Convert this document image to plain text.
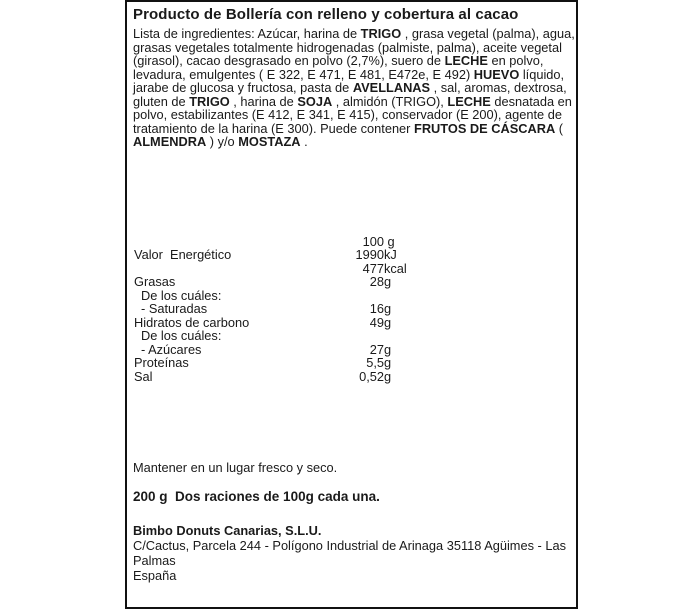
Producto de Bollería con relleno y cobertura al cacao
Lista de ingredientes: Azúcar, harina de TRIGO , grasa vegetal (palma), agua,
grasas vegetales totalmente hidrogenadas (palmiste, palma), aceite vegetal
(girasol), cacao desgrasado en polvo (2,7%), suero de LECHE en polvo,
levadura, emulgentes ( E 322, E 471, E 481, E472e, E 492) HUEVO líquido,
jarabe de glucosa y fructosa, pasta de AVELLANAS , sal, aromas, dextrosa,
gluten de TRIGO , harina de SOJA , almidón (TRIGO), LECHE desnatada en
polvo, estabilizantes (E 412, E 341, E 415), conservador (E 200), agente de
tratamiento de la harina (E 300). Puede contener FRUTOS DE CÁSCARA (
ALMENDRA ) y/o MOSTAZA .
100 g
Valor  Energético	1990 kJ
477 kcal
Grasas	28 g
De los cuáles:
- Saturadas	16 g
Hidratos de carbono	49 g
De los cuáles:
- Azúcares	27 g
Proteínas	5,5 g
Sal	0,52 g
Mantener en un lugar fresco y seco.
200 g  Dos raciones de 100g cada una.
Bimbo Donuts Canarias, S.L.U.
C/Cactus, Parcela 244 - Polígono Industrial de Arinaga 35118 Agüimes - Las
Palmas
España
